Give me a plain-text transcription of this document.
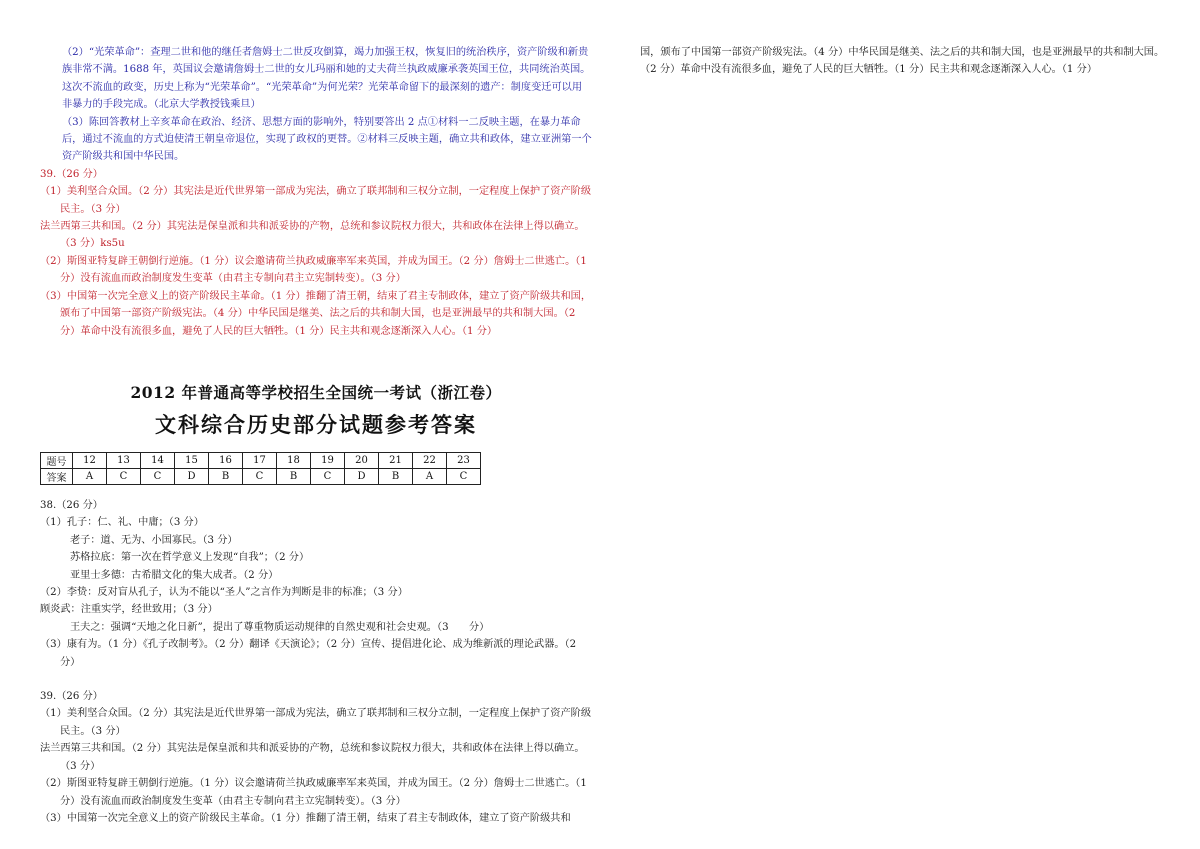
（2）“光荣革命”：查理二世和他的继任者詹姆士二世反攻倒算，竭力加强王权，恢复旧的统治秩序，资产阶级和新贵族非常不满。1688 年，英国议会邀请詹姆士二世的女儿玛丽和她的丈夫荷兰执政威廉承袭英国王位，共同统治英国。这次不流血的政变，历史上称为“光荣革命”。“光荣革命”为何光荣？光荣革命留下的最深刻的遗产：制度变迁可以用非暴力的手段完成。（北京大学教授钱乘旦）

（3）陈回答教材上辛亥革命在政治、经济、思想方面的影响外，特别要答出 2 点①材料一二反映主题，在暴力革命后，通过不流血的方式迫使清王朝皇帝退位，实现了政权的更替。②材料三反映主题，确立共和政体，建立亚洲第一个资产阶级共和国中华民国。

39.（26 分）

（1）美利坚合众国。（2 分）其宪法是近代世界第一部成为宪法，确立了联邦制和三权分立制，一定程度上保护了资产阶级民主。（3 分）

法兰西第三共和国。（2 分）其宪法是保皇派和共和派妥协的产物，总统和参议院权力很大，共和政体在法律上得以确立。（3 分）ks5u

（2）斯图亚特复辟王朝倒行逆施。（1 分）议会邀请荷兰执政威廉率军来英国，并成为国王。（2 分）詹姆士二世逃亡。（1 分）没有流血而政治制度发生变革（由君主专制向君主立宪制转变）。（3 分）

（3）中国第一次完全意义上的资产阶级民主革命。（1 分）推翻了清王朝，结束了君主专制政体，建立了资产阶级共和国，颁布了中国第一部资产阶级宪法。（4 分）中华民国是继美、法之后的共和制大国，也是亚洲最早的共和制大国。（2 分）革命中没有流很多血，避免了人民的巨大牺牲。（1 分）民主共和观念逐渐深入人心。（1 分）

2012 年普通高等学校招生全国统一考试（浙江卷）
文科综合历史部分试题参考答案
题号	12	13	14	15	16	17	18	19	20	21	22	23
答案	A	C	C	D	B	C	B	C	D	B	A	C

38.（26 分）

（1）孔子：仁、礼、中庸；（3 分）

老子：道、无为、小国寡民。（3 分）

苏格拉底：第一次在哲学意义上发现“自我”；（2 分）

亚里士多德：古希腊文化的集大成者。（2 分）

（2）李贽：反对盲从孔子，认为不能以“圣人”之言作为判断是非的标准；（3 分）

顾炎武：注重实学，经世致用；（3 分）

王夫之：强调“天地之化日新”，提出了尊重物质运动规律的自然史观和社会史观。（3　　分）

（3）康有为。（1 分）《孔子改制考》。（2 分）翻译《天演论》；（2 分）宣传、提倡进化论、成为维新派的理论武器。（2 分）

39.（26 分）

（1）美利坚合众国。（2 分）其宪法是近代世界第一部成为宪法，确立了联邦制和三权分立制，一定程度上保护了资产阶级民主。（3 分）

法兰西第三共和国。（2 分）其宪法是保皇派和共和派妥协的产物，总统和参议院权力很大，共和政体在法律上得以确立。（3 分）

（2）斯图亚特复辟王朝倒行逆施。（1 分）议会邀请荷兰执政威廉率军来英国，并成为国王。（2 分）詹姆士二世逃亡。（1 分）没有流血而政治制度发生变革（由君主专制向君主立宪制转变）。（3 分）

（3）中国第一次完全意义上的资产阶级民主革命。（1 分）推翻了清王朝，结束了君主专制政体，建立了资产阶级共和

国，颁布了中国第一部资产阶级宪法。（4 分）中华民国是继美、法之后的共和制大国，也是亚洲最早的共和制大国。（2 分）革命中没有流很多血，避免了人民的巨大牺牲。（1 分）民主共和观念逐渐深入人心。（1 分）
